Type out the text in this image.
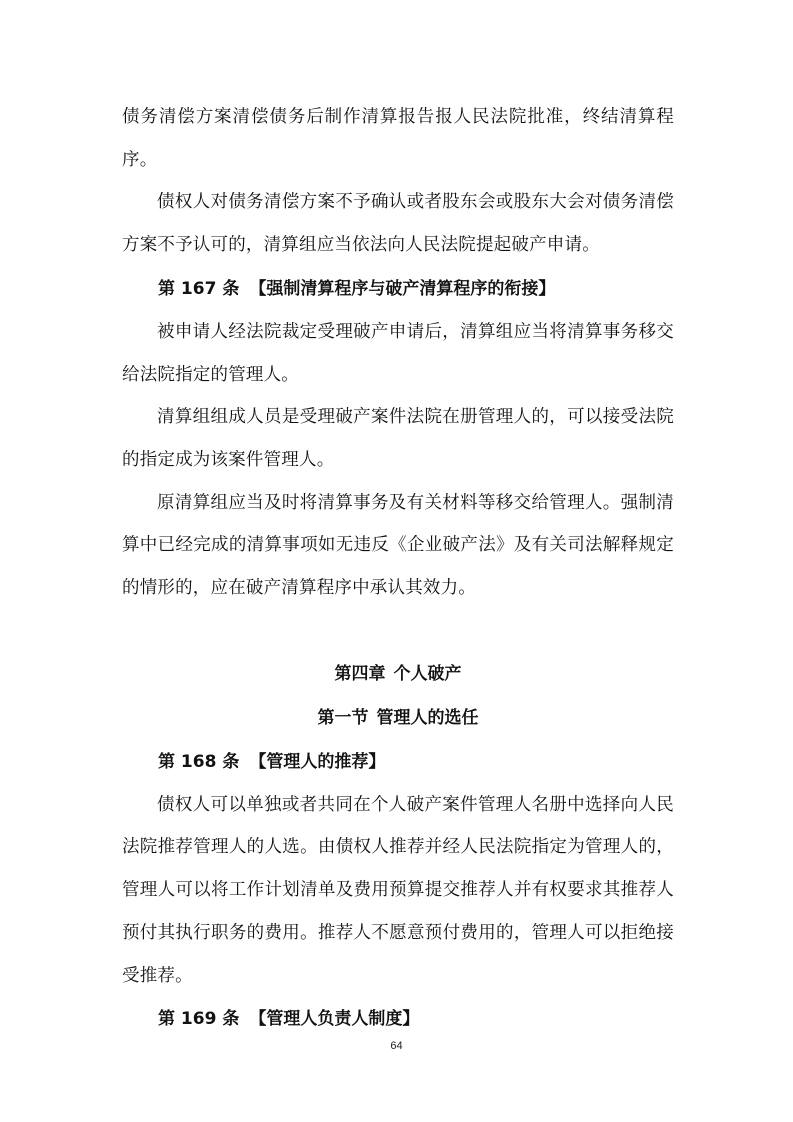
债务清偿方案清偿债务后制作清算报告报人民法院批准，终结清算程序。

债权人对债务清偿方案不予确认或者股东会或股东大会对债务清偿方案不予认可的，清算组应当依法向人民法院提起破产申请。

第 167 条 【强制清算程序与破产清算程序的衔接】

被申请人经法院裁定受理破产申请后，清算组应当将清算事务移交给法院指定的管理人。

清算组组成人员是受理破产案件法院在册管理人的，可以接受法院的指定成为该案件管理人。

原清算组应当及时将清算事务及有关材料等移交给管理人。强制清算中已经完成的清算事项如无违反《企业破产法》及有关司法解释规定的情形的，应在破产清算程序中承认其效力。

第四章 个人破产
第一节 管理人的选任
第 168 条 【管理人的推荐】

债权人可以单独或者共同在个人破产案件管理人名册中选择向人民法院推荐管理人的人选。由债权人推荐并经人民法院指定为管理人的，管理人可以将工作计划清单及费用预算提交推荐人并有权要求其推荐人预付其执行职务的费用。推荐人不愿意预付费用的，管理人可以拒绝接受推荐。

第 169 条 【管理人负责人制度】
64
